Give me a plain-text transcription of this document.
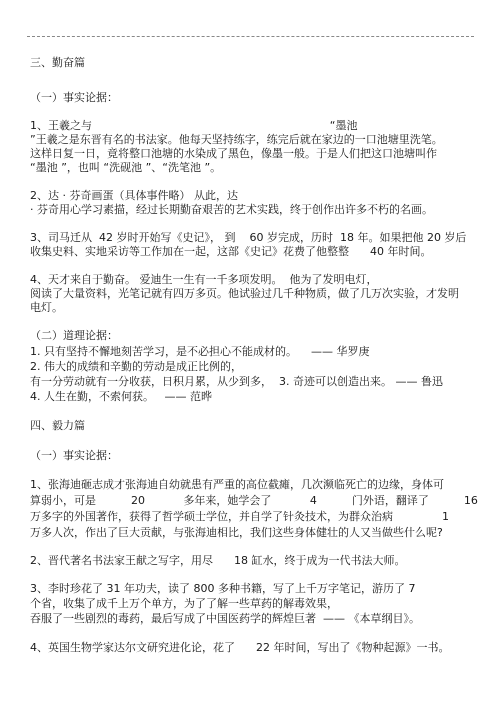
三、勤奋篇
（一）事实论据：
1、王羲之与                                                                    “墨池
”王羲之是东晋有名的书法家。他每天坚持练字，练完后就在家边的一口池塘里洗笔。
这样日复一日，竟将整口池塘的水染成了黑色，像墨一般。于是人们把这口池塘叫作
“墨池 ”，也叫 “洗砚池 ”、“洗笔池 ”。
2、达 · 芬奇画蛋（具体事件略） 从此，达
· 芬奇用心学习素描，经过长期勤奋艰苦的艺术实践，终于创作出许多不朽的名画。
3、司马迁从  42 岁时开始写《史记》， 到    60 岁完成，历时  18 年。如果把他 20 岁后
收集史料、实地采访等工作加在一起，这部《史记》花费了他整整      40 年时间。
4、天才来自于勤奋。 爱迪生一生有一千多项发明。  他为了发明电灯，
阅读了大量资料，光笔记就有四万多页。他试验过几千种物质，做了几万次实验，才发明
电灯。
（二）道理论据：
1. 只有坚持不懈地刻苦学习，是不必担心不能成材的。    —— 华罗庚
2. 伟大的成绩和辛勤的劳动是成正比例的，
有一分劳动就有一分收获，日积月累，从少到多，  3. 奇迹可以创造出来。 —— 鲁迅
4. 人生在勤，不索何获。   —— 范晔
四、毅力篇
（一）事实论据：
1、张海迪砸志成才张海迪自幼就患有严重的高位截瘫，几次濒临死亡的边缘，身体可
算弱小，可是          20           多年来，她学会了           4          门外语，翻译了          16
万多字的外国著作，获得了哲学硕士学位，并自学了针灸技术，为群众治病              1
万多人次，作出了巨大贡献，与张海迪相比，我们这些身体健壮的人又当做些什么呢?
2、晋代著名书法家王献之写字，用尽      18 缸水，终于成为一代书法大师。
3、李时珍花了 31 年功夫，读了 800 多种书籍，写了上千万字笔记，游历了 7
个省，收集了成千上万个单方，为了了解一些草药的解毒效果，
吞服了一些剧烈的毒药，最后写成了中国医药学的辉煌巨著  —— 《本草纲目》。
4、英国生物学家达尔文研究进化论，花了      22 年时间，写出了《物种起源》一书。
